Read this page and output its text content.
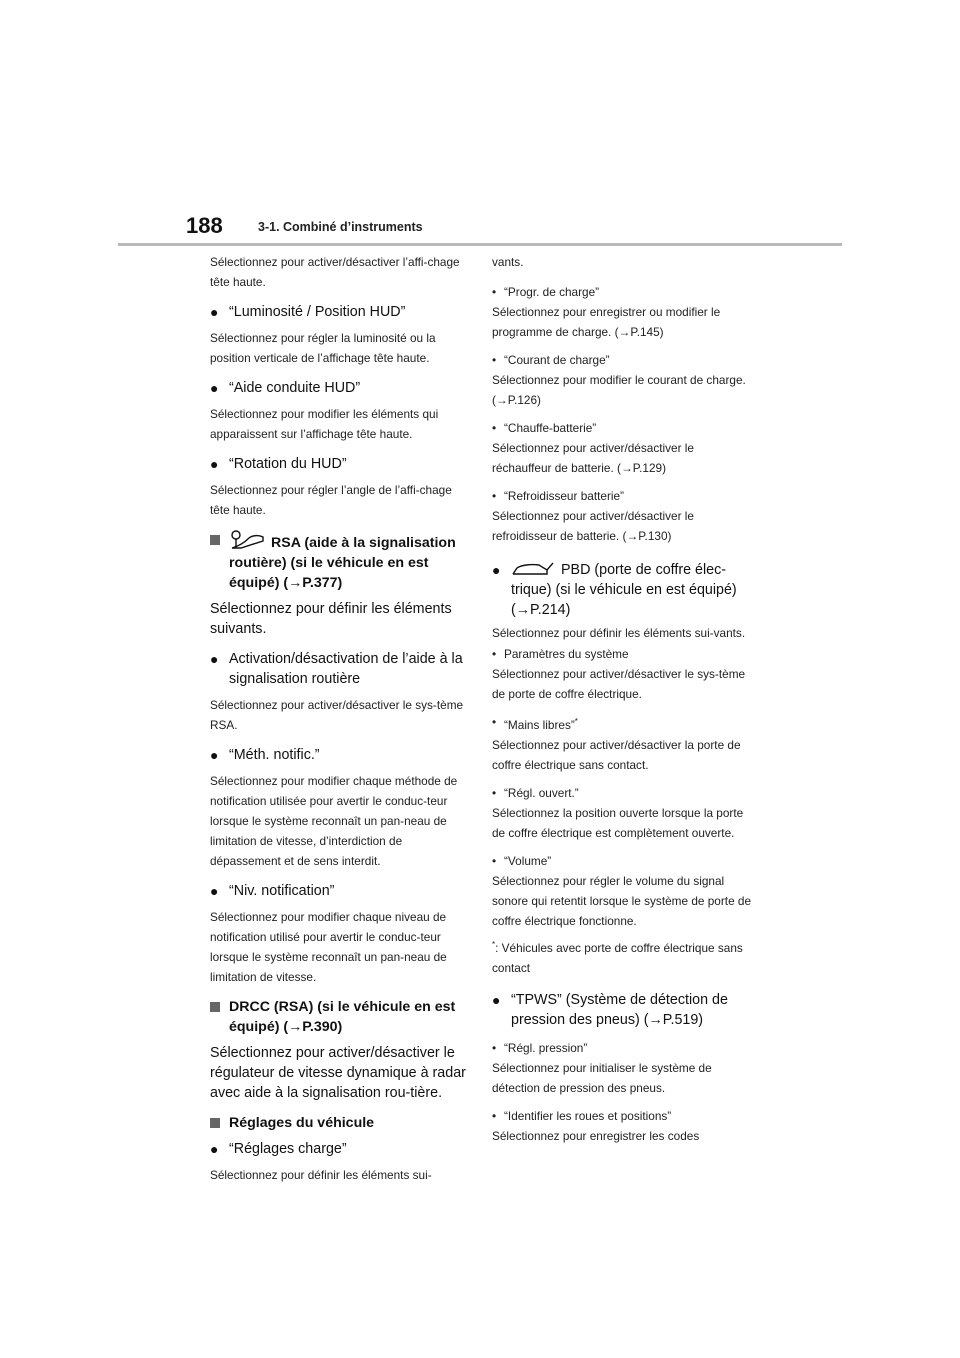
188	3-1. Combiné d’instruments

Sélectionnez pour activer/désactiver l’affi-chage tête haute.

● “Luminosité / Position HUD”

Sélectionnez pour régler la luminosité ou la position verticale de l’affichage tête haute.

● “Aide conduite HUD”

Sélectionnez pour modifier les éléments qui apparaissent sur l’affichage tête haute.

● “Rotation du HUD”

Sélectionnez pour régler l’angle de l’affi-chage tête haute.

RSA (aide à la signalisation routière) (si le véhicule en est équipé) (→P.377)

Sélectionnez pour définir les éléments suivants.

● Activation/désactivation de l’aide à la signalisation routière

Sélectionnez pour activer/désactiver le sys-tème RSA.

● “Méth. notific.”

Sélectionnez pour modifier chaque méthode de notification utilisée pour avertir le conduc-teur lorsque le système reconnaît un pan-neau de limitation de vitesse, d’interdiction de dépassement et de sens interdit.

● “Niv. notification”

Sélectionnez pour modifier chaque niveau de notification utilisé pour avertir le conduc-teur lorsque le système reconnaît un pan-neau de limitation de vitesse.

DRCC (RSA) (si le véhicule en est équipé) (→P.390)

Sélectionnez pour activer/désactiver le régulateur de vitesse dynamique à radar avec aide à la signalisation rou-tière.

Réglages du véhicule
● “Réglages charge”

Sélectionnez pour définir les éléments sui-

vants.

• “Progr. de charge”

Sélectionnez pour enregistrer ou modifier le programme de charge. (→P.145)

• “Courant de charge”

Sélectionnez pour modifier le courant de charge. (→P.126)

• “Chauffe-batterie”

Sélectionnez pour activer/désactiver le réchauffeur de batterie. (→P.129)

• “Refroidisseur batterie”

Sélectionnez pour activer/désactiver le refroidisseur de batterie. (→P.130)

●	PBD (porte de coffre élec-trique) (si le véhicule en est équipé) (→P.214)

Sélectionnez pour définir les éléments sui-vants.

• Paramètres du système

Sélectionnez pour activer/désactiver le sys-tème de porte de coffre électrique.

• “Mains libres”*

Sélectionnez pour activer/désactiver la porte de coffre électrique sans contact.

• “Régl. ouvert.”

Sélectionnez la position ouverte lorsque la porte de coffre électrique est complètement ouverte.

• “Volume”

Sélectionnez pour régler le volume du signal sonore qui retentit lorsque le système de porte de coffre électrique fonctionne.

*: Véhicules avec porte de coffre électrique sans contact

● “TPWS” (Système de détection de pression des pneus) (→P.519)
• “Régl. pression”

Sélectionnez pour initialiser le système de détection de pression des pneus.

• “Identifier les roues et positions”

Sélectionnez pour enregistrer les codes
